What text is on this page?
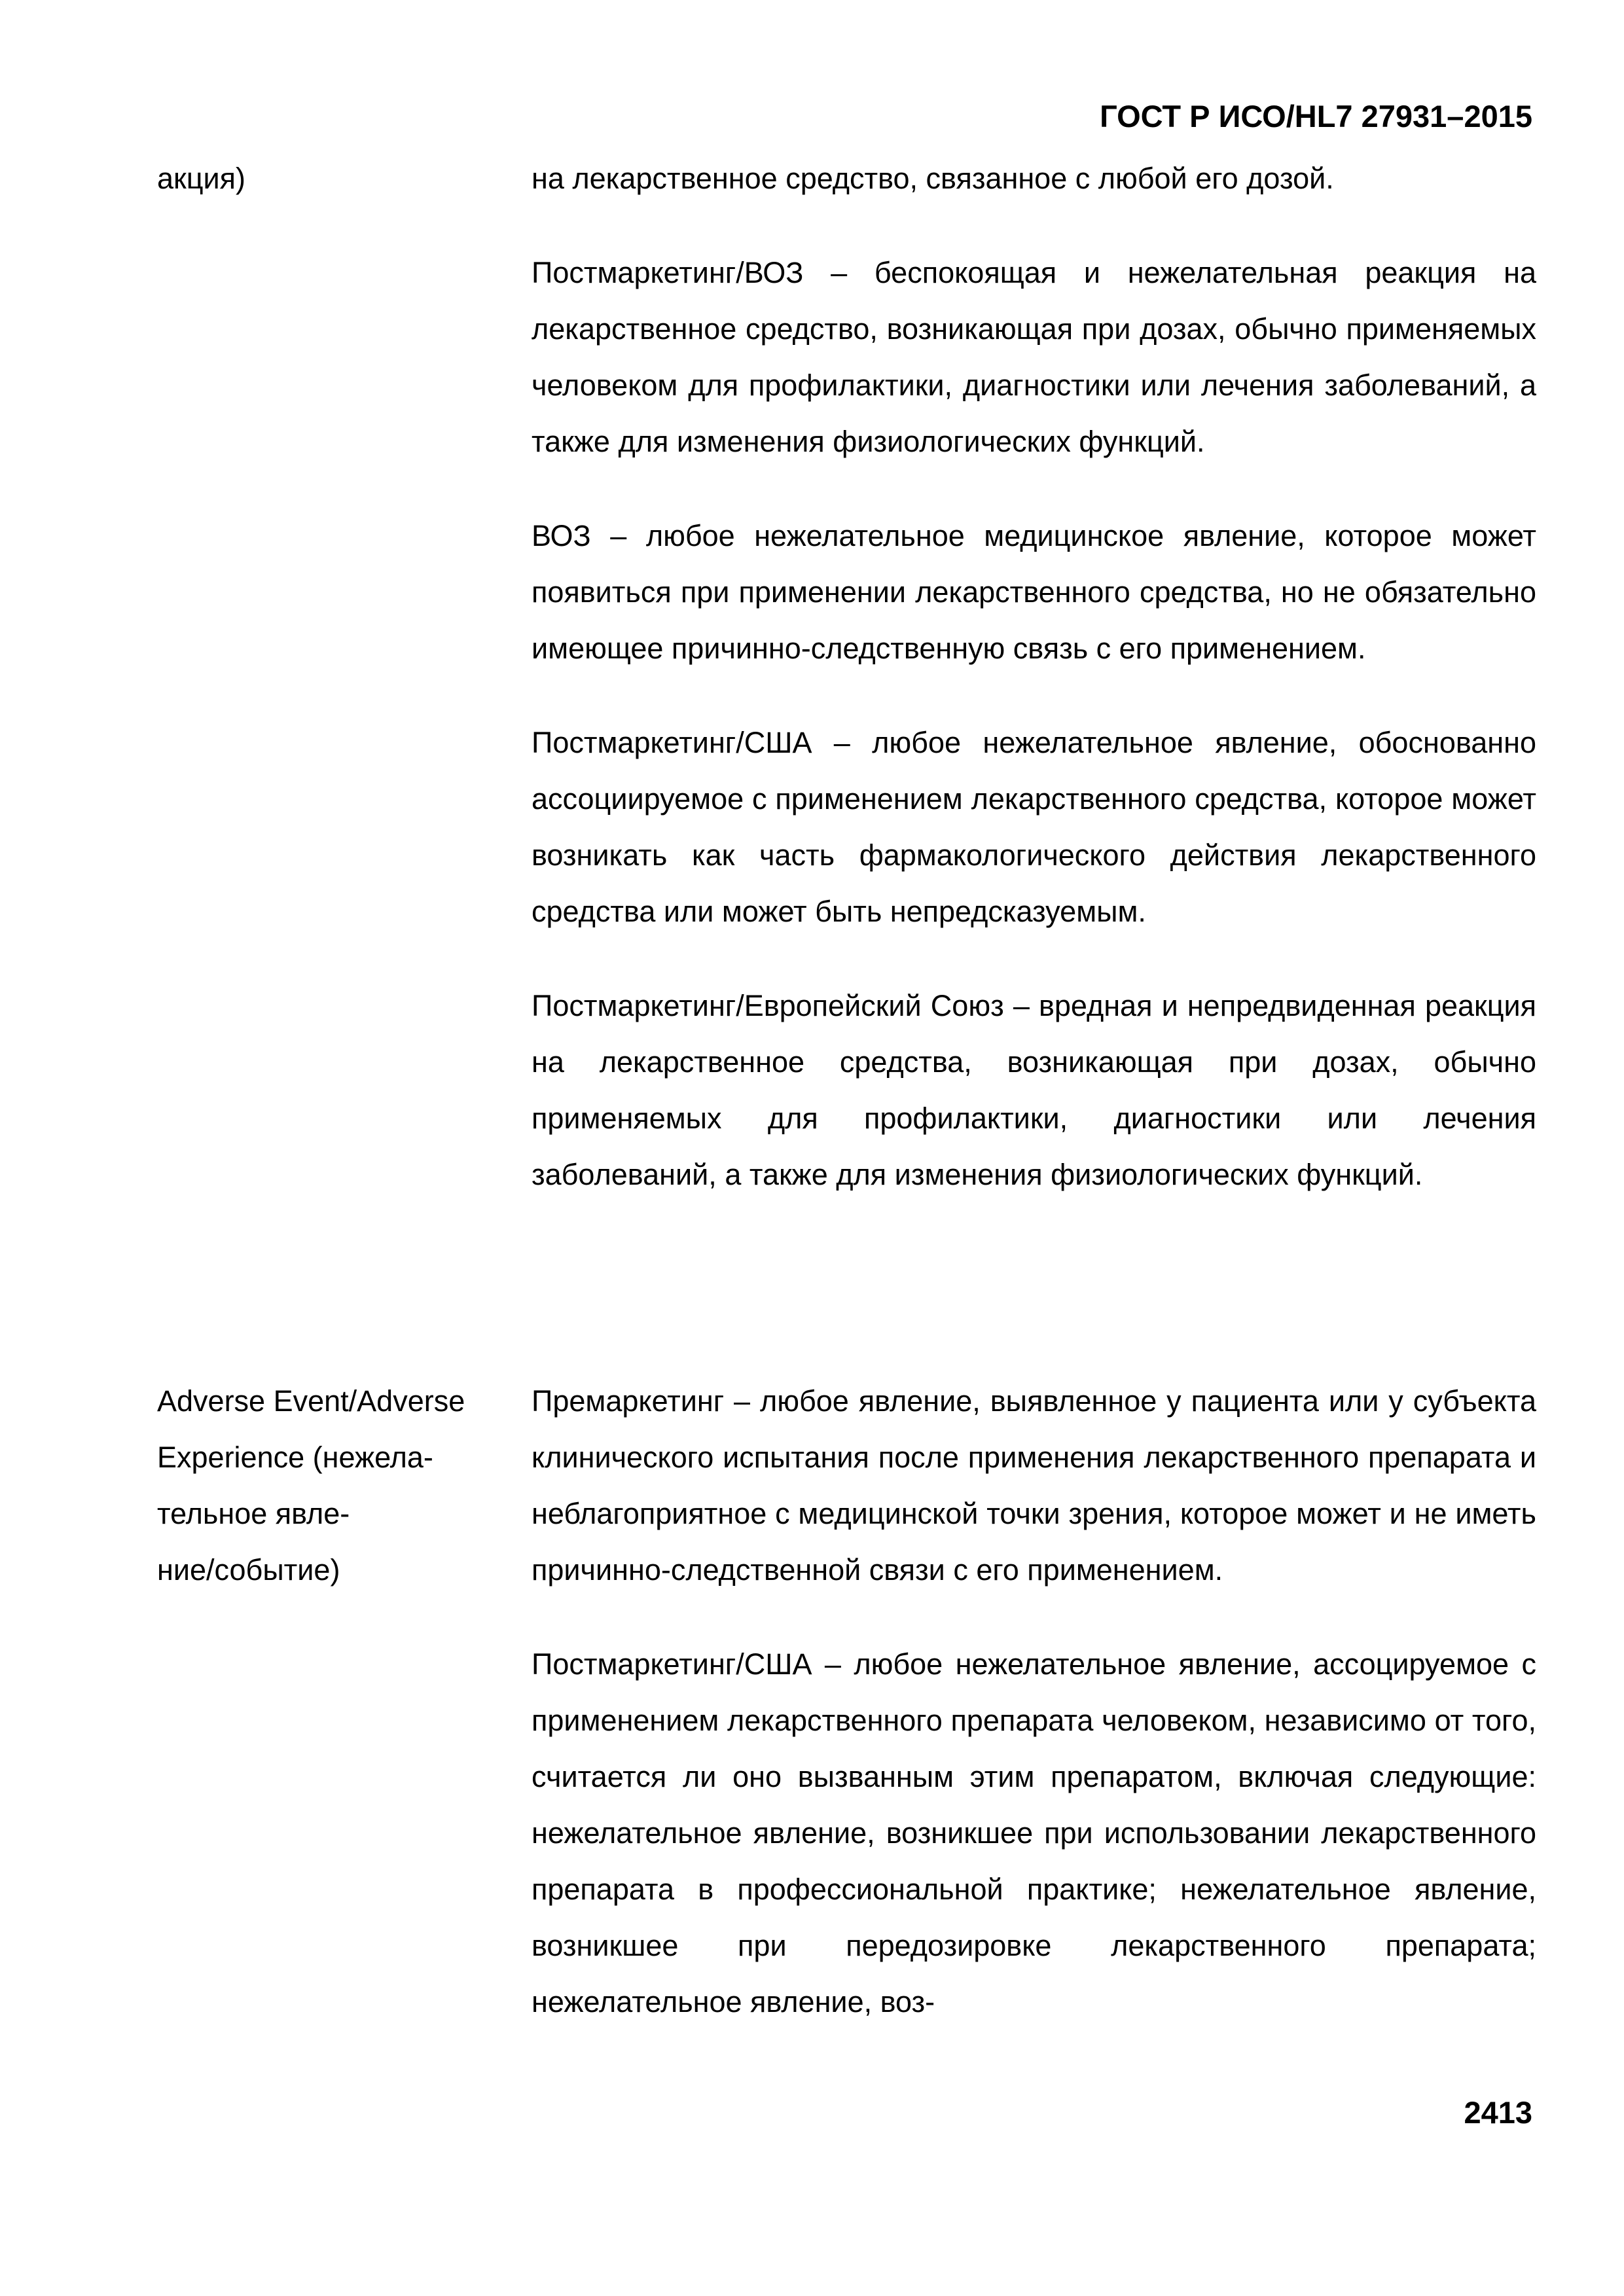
ГОСТ Р ИСО/HL7 27931–2015
акция)	на лекарственное средство, связанное с любой его дозой.

Постмаркетинг/ВОЗ – беспокоящая и нежелательная реакция на лекарственное средство, возникающая при дозах, обычно применяемых человеком для профилактики, диагностики или лечения заболеваний, а также для изменения физиологических функций.

ВОЗ – любое нежелательное медицинское явление, которое может появиться при применении лекарственного средства, но не обязательно имеющее причинно-следственную связь с его применением.

Постмаркетинг/США – любое нежелательное явление, обоснованно ассоциируемое с применением лекарственного средства, которое может возникать как часть фармакологического действия лекарственного средства или может быть непредсказуемым.

Постмаркетинг/Европейский Союз – вредная и непредвиденная реакция на лекарственное средства, возникающая при дозах, обычно применяемых для профилактики, диагностики или лечения заболеваний, а также для изменения физиологических функций.

Adverse Event/Adverse
Experience (нежела-
тельное явле-
ние/событие)

Премаркетинг – любое явление, выявленное у пациента или у субъекта клинического испытания после применения лекарственного препарата и неблагоприятное с медицинской точки зрения, которое может и не иметь причинно-следственной связи с его применением.

Постмаркетинг/США – любое нежелательное явление, ассоцируемое с применением лекарственного препарата человеком, независимо от того, считается ли оно вызванным этим препаратом, включая следующие: нежелательное явление, возникшее при использовании лекарственного препарата в профессиональной практике; нежелательное явление, возникшее при передозировке лекарственного препарата; нежелательное явление, воз-

2413
